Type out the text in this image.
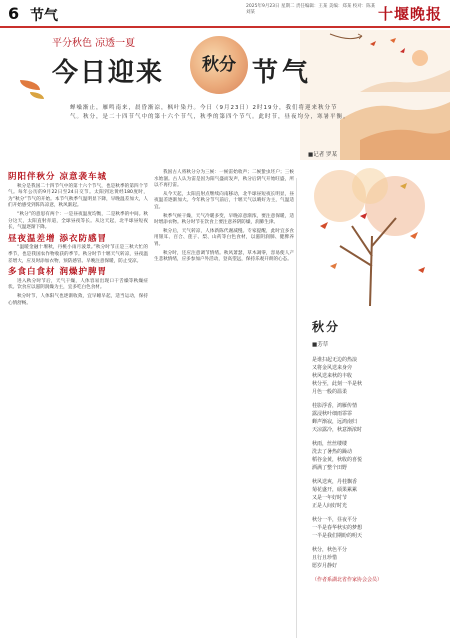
6 节气
2025年9月23日 星期二 责任编辑：王某 美编：郑某 校对：陈某 刘某	十堰晚报
平分秋色 凉透一夏
今日迎来	秋分 节气
蝉噪渐止，雁鸣南来，晨昏渐凉，枫叶染丹。今日（9月23日）2时19分，我们将迎来秋分节气。秋分，是二十四节气中的第十六个节气，秋季的第四个节气。此时节，昼夜均分，寒暑平衡。
■记者 罗某
阴阳伴秋分 凉意袭车城

秋分是我国二十四节气中的第十六个节气，也是秋季的第四个节气。每年公历的9月22日至24日交节。太阳到达黄经180度时，为“秋分”节气的开始。本节气秋季气温明显下降，早晚温差加大，人们开始感受到阵阵凉意，秋风渐起。

“秋分”的意思有两个：一是昼夜温度均衡，二是秋季的中间。秋分这天，太阳直射赤道，全球昼夜等长。从这天起，北半球昼短夜长，气温逐渐下降。

昼夜温差增 添衣防感冒

“温暖金融十堰秋，丹桃小雨月波景。”秋分时节正是三秋大忙的季节，也是我国农作物收获的季节。秋分时节十堰天气转凉，昼夜温差增大，应及时添加衣物，预防感冒。早晚注意保暖，防止受凉。

多食白食材 润燥护脾胃

进入秋分时节后，天气干燥，人体容易出现口干舌燥等秋燥症状。饮食应以滋阴润燥为主，宜多吃白色食材。

秋分时节，人体阳气也逐渐收敛，宜早睡早起，适当运动，保持心情舒畅。

我国古人将秋分分为三候：一候雷始收声；二候蛰虫坯户；三候水始涸。古人认为雷是因为阳气盛而发声，秋分后阴气开始旺盛，所以不再打雷。

从今天起，太阳直射点继续向南移动，北半球昼短夜长明显，昼夜温差逐渐加大。今年秋分节气前后，十堰天气以晴好为主，气温适宜。

秋季气候干燥，天气冷暖多变，早晚凉意渐浓，要注意保暖，适时增添衣物。秋分时节在饮食上要注意养阴防燥，润肺生津。

秋分后，天气转凉，人体新陈代谢减慢。专家提醒，此时宜多食用银耳、百合、莲子、梨、山药等白色食材，以滋阴润肺、健脾养胃。

秋分时，还应注意调节情绪。秋风萧瑟，草木凋零，容易使人产生悲秋情绪，应多参加户外活动，登高望远，保持乐观开朗的心态。

秋分
■芳草
是谁扫起无边的热浪
又将金风送来身旁
秋风送来秋的丰收
秋分至，此刻一半是秋
月色一般的温柔
桂影浮香，鸿雁传情
露浸秋叶细雨霏霏
蝉声渐寂，远鸿南归
天凉露冷，秋意渐浓时
秋雨，丝丝缕缕
洗去了暑热的躁动
稻谷金黄，秋收的喜悦
洒满了整个田野
秋风送爽，丹桂飘香
菊花盛开，硕果累累
又是一年好时节
正是人间好时光
秋分一半，昼夜平分
一半是春华秋实的梦想
一半是我们期盼的明天
秋分，秋色平分
且行且珍惜
愿岁月静好
（作者系湖北省作家协会会员）
